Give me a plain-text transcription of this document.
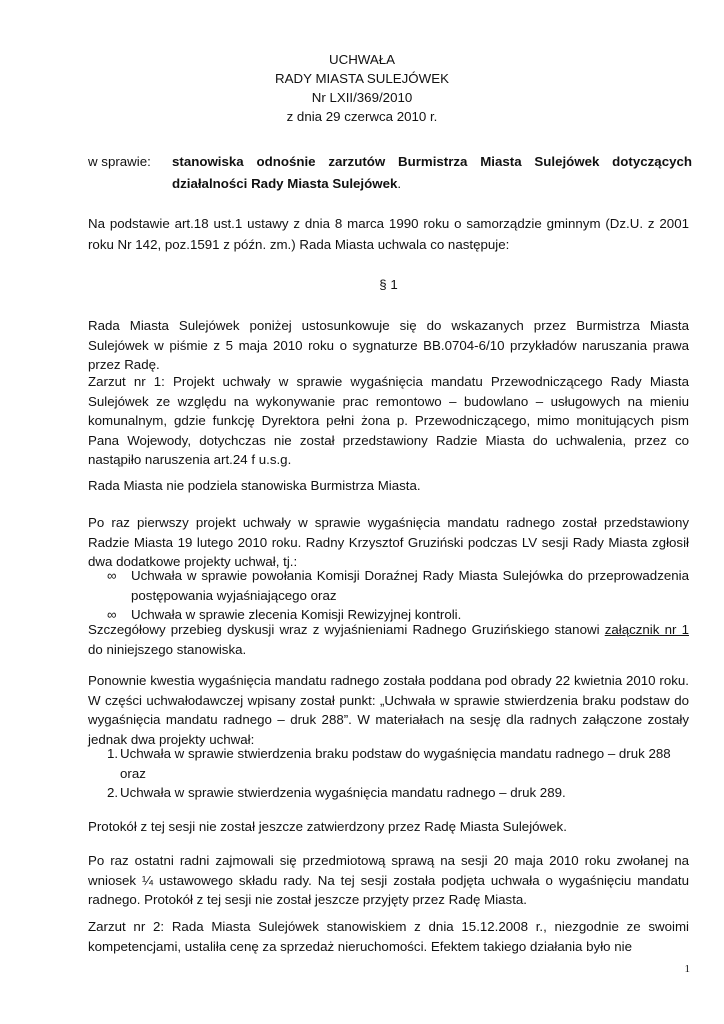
UCHWAŁA
RADY MIASTA SULEJÓWEK
Nr LXII/369/2010
z dnia 29 czerwca 2010 r.
w sprawie: stanowiska odnośnie zarzutów Burmistrza Miasta Sulejówek dotyczących działalności Rady Miasta Sulejówek.

Na podstawie art.18 ust.1 ustawy z dnia 8 marca 1990 roku o samorządzie gminnym (Dz.U. z 2001 roku Nr 142, poz.1591 z późn. zm.) Rada Miasta uchwala co następuje:

§ 1

Rada Miasta Sulejówek poniżej ustosunkowuje się do wskazanych przez Burmistrza Miasta Sulejówek w piśmie z 5 maja 2010 roku o sygnaturze BB.0704-6/10 przykładów naruszania prawa przez Radę.

Zarzut nr 1: Projekt uchwały w sprawie wygaśnięcia mandatu Przewodniczącego Rady Miasta Sulejówek ze względu na wykonywanie prac remontowo – budowlano – usługowych na mieniu komunalnym, gdzie funkcję Dyrektora pełni żona p. Przewodniczącego, mimo monitujących pism Pana Wojewody, dotychczas nie został przedstawiony Radzie Miasta do uchwalenia, przez co nastąpiło naruszenia art.24 f u.s.g.

Rada Miasta nie podziela stanowiska Burmistrza Miasta.

Po raz pierwszy projekt uchwały w sprawie wygaśnięcia mandatu radnego został przedstawiony Radzie Miasta 19 lutego 2010 roku. Radny Krzysztof Gruziński podczas LV sesji Rady Miasta zgłosił dwa dodatkowe projekty uchwał, tj.:

∞ Uchwała w sprawie powołania Komisji Doraźnej Rady Miasta Sulejówka do przeprowadzenia postępowania wyjaśniającego oraz
∞ Uchwała w sprawie zlecenia Komisji Rewizyjnej kontroli.

Szczegółowy przebieg dyskusji wraz z wyjaśnieniami Radnego Gruzińskiego stanowi załącznik nr 1 do niniejszego stanowiska.

Ponownie kwestia wygaśnięcia mandatu radnego została poddana pod obrady 22 kwietnia 2010 roku. W części uchwałodawczej wpisany został punkt: „Uchwała w sprawie stwierdzenia braku podstaw do wygaśnięcia mandatu radnego – druk 288”. W materiałach na sesję dla radnych załączone zostały jednak dwa projekty uchwał:

1. Uchwała w sprawie stwierdzenia braku podstaw do wygaśnięcia mandatu radnego – druk 288 oraz
2. Uchwała w sprawie stwierdzenia wygaśnięcia mandatu radnego – druk 289.

Protokół z tej sesji nie został jeszcze zatwierdzony przez Radę Miasta Sulejówek.

Po raz ostatni radni zajmowali się przedmiotową sprawą na sesji 20 maja 2010 roku zwołanej na wniosek ¼ ustawowego składu rady. Na tej sesji została podjęta uchwała o wygaśnięciu mandatu radnego. Protokół z tej sesji nie został jeszcze przyjęty przez Radę Miasta.

Zarzut nr 2: Rada Miasta Sulejówek stanowiskiem z dnia 15.12.2008 r., niezgodnie ze swoimi kompetencjami, ustaliła cenę za sprzedaż nieruchomości. Efektem takiego działania było nie

1
